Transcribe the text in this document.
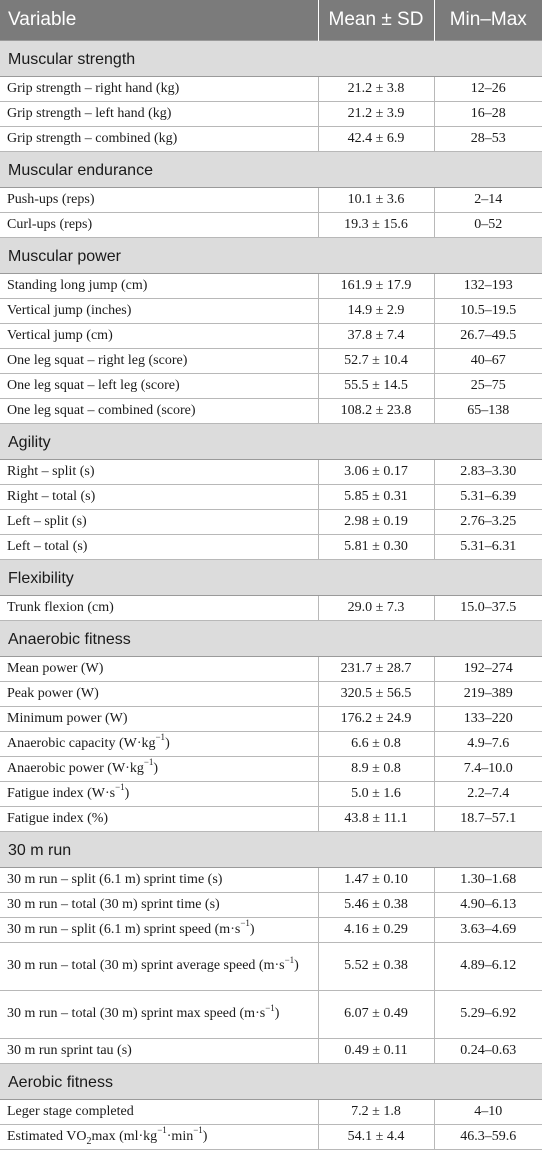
Variable	Mean ± SD	Min–Max
Muscular strength		
Grip strength – right hand (kg)	21.2 ± 3.8	12–26
Grip strength – left hand (kg)	21.2 ± 3.9	16–28
Grip strength – combined (kg)	42.4 ± 6.9	28–53
Muscular endurance		
Push-ups (reps)	10.1 ± 3.6	2–14
Curl-ups (reps)	19.3 ± 15.6	0–52
Muscular power		
Standing long jump (cm)	161.9 ± 17.9	132–193
Vertical jump (inches)	14.9 ± 2.9	10.5–19.5
Vertical jump (cm)	37.8 ± 7.4	26.7–49.5
One leg squat – right leg (score)	52.7 ± 10.4	40–67
One leg squat – left leg (score)	55.5 ± 14.5	25–75
One leg squat – combined (score)	108.2 ± 23.8	65–138
Agility		
Right – split (s)	3.06 ± 0.17	2.83–3.30
Right – total (s)	5.85 ± 0.31	5.31–6.39
Left – split (s)	2.98 ± 0.19	2.76–3.25
Left – total (s)	5.81 ± 0.30	5.31–6.31
Flexibility		
Trunk flexion (cm)	29.0 ± 7.3	15.0–37.5
Anaerobic fitness		
Mean power (W)	231.7 ± 28.7	192–274
Peak power (W)	320.5 ± 56.5	219–389
Minimum power (W)	176.2 ± 24.9	133–220
Anaerobic capacity $(W\cdot kg^{-1})$	6.6 ± 0.8	4.9–7.6
Anaerobic power $(W\cdot kg^{-1})$	8.9 ± 0.8	7.4–10.0
Fatigue index $(W\cdot s^{-1})$	5.0 ± 1.6	2.2–7.4
Fatigue index (%)	43.8 ± 11.1	18.7–57.1
30 m run		
30 m run – split (6.1 m) sprint time (s)	1.47 ± 0.10	1.30–1.68
30 m run – total (30 m) sprint time (s)	5.46 ± 0.38	4.90–6.13
30 m run – split (6.1 m) sprint speed $(m\cdot s^{-1})$	4.16 ± 0.29	3.63–4.69
30 m run – total (30 m) sprint average speed $(m\cdot s^{-1})$	5.52 ± 0.38	4.89–6.12
30 m run – total (30 m) sprint max speed $(m\cdot s^{-1})$	6.07 ± 0.49	5.29–6.92
30 m run sprint tau (s)	0.49 ± 0.11	0.24–0.63
Aerobic fitness		
Leger stage completed	7.2 ± 1.8	4–10
Estimated $VO_2\max$ $(ml\cdot kg^{-1}\cdot\min^{-1})$	54.1 ± 4.4	46.3–59.6
